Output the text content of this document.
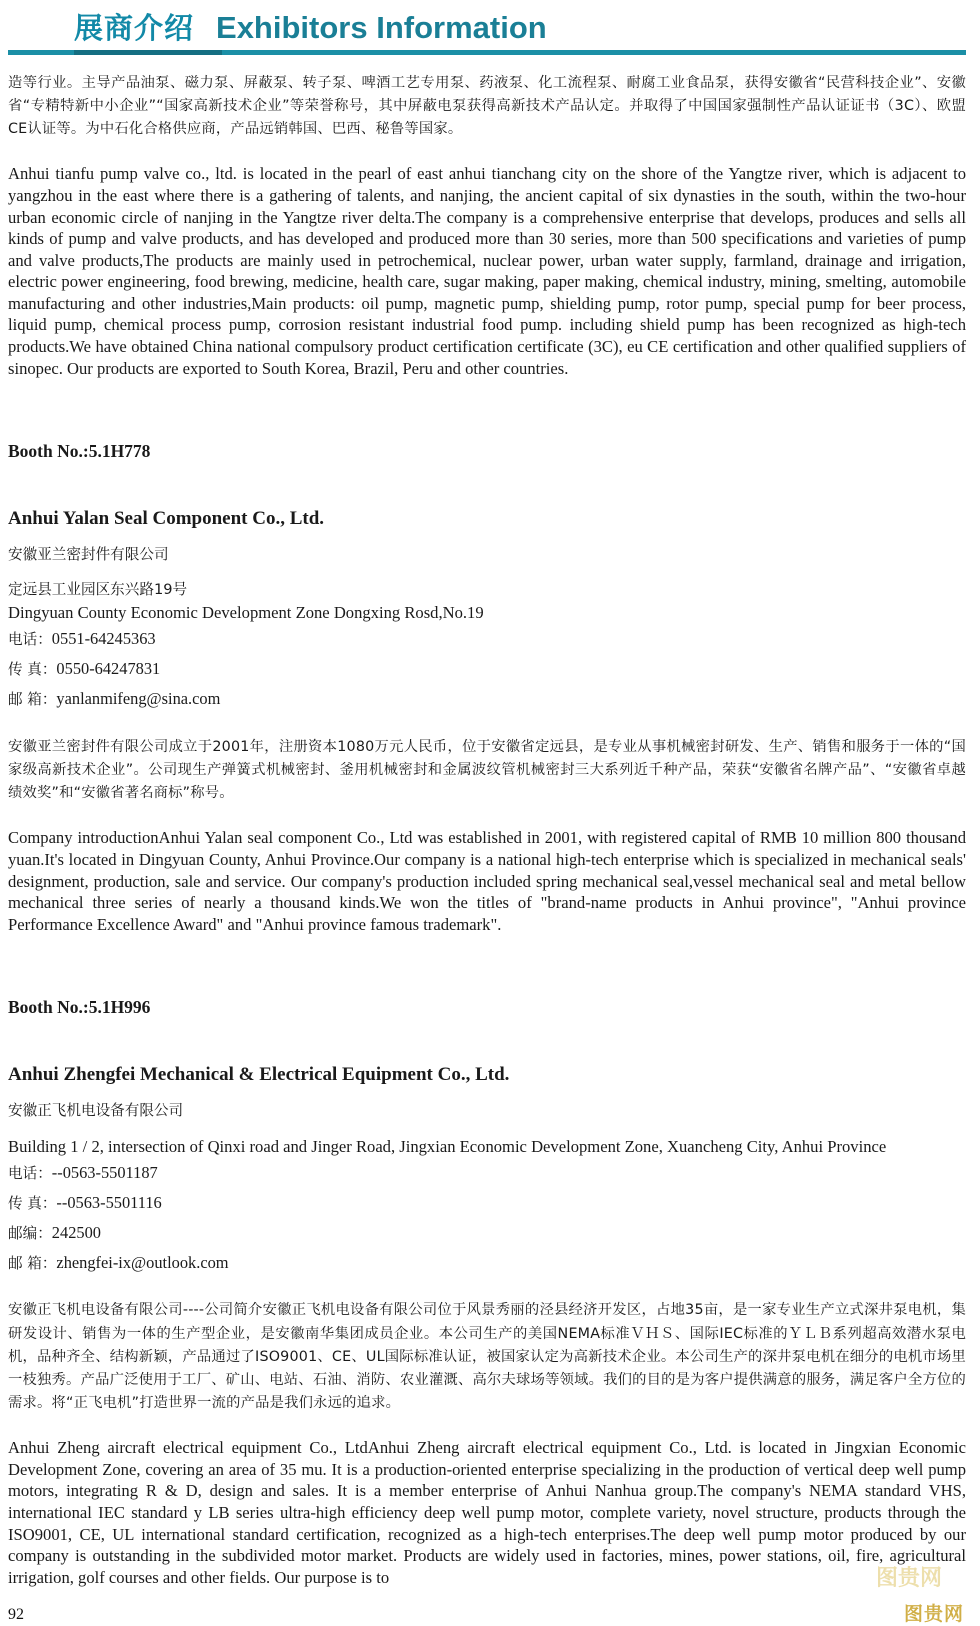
展商介绍 Exhibitors Information

造等行业。主导产品油泵、磁力泵、屏蔽泵、转子泵、啤酒工艺专用泵、药液泵、化工流程泵、耐腐工业食品泵，获得安徽省“民营科技企业”、安徽省“专精特新中小企业”“国家高新技术企业”等荣誉称号，其中屏蔽电泵获得高新技术产品认定。并取得了中国国家强制性产品认证证书（3C）、欧盟CE认证等。为中石化合格供应商，产品远销韩国、巴西、秘鲁等国家。

Anhui tianfu pump valve co., ltd. is located in the pearl of east anhui tianchang city on the shore of the Yangtze river, which is adjacent to yangzhou in the east where there is a gathering of talents, and nanjing, the ancient capital of six dynasties in the south, within the two-hour urban economic circle of nanjing in the Yangtze river delta.The company is a comprehensive enterprise that develops, produces and sells all kinds of pump and valve products, and has developed and produced more than 30 series, more than 500 specifications and varieties of pump and valve products,The products are mainly used in petrochemical, nuclear power, urban water supply, farmland, drainage and irrigation, electric power engineering, food brewing, medicine, health care, sugar making, paper making, chemical industry, mining, smelting, automobile manufacturing and other industries,Main products: oil pump, magnetic pump, shielding pump, rotor pump, special pump for beer process, liquid pump, chemical process pump, corrosion resistant industrial food pump. including shield pump has been recognized as high-tech products.We have obtained China national compulsory product certification certificate (3C), eu CE certification and other qualified suppliers of sinopec. Our products are exported to South Korea, Brazil, Peru and other countries.

Booth No.:5.1H778

Anhui Yalan Seal Component Co., Ltd.

安徽亚兰密封件有限公司

定远县工业园区东兴路19号

Dingyuan County Economic Development Zone Dongxing Rosd,No.19

电话：0551-64245363

传 真：0550-64247831

邮 箱：yanlanmifeng@sina.com

安徽亚兰密封件有限公司成立于2001年，注册资本1080万元人民币，位于安徽省定远县，是专业从事机械密封研发、生产、销售和服务于一体的“国家级高新技术企业”。公司现生产弹簧式机械密封、釜用机械密封和金属波纹管机械密封三大系列近千种产品，荣获“安徽省名牌产品”、“安徽省卓越绩效奖”和“安徽省著名商标”称号。

Company introductionAnhui Yalan seal component Co., Ltd was established in 2001, with registered capital of RMB 10 million 800 thousand yuan.It's located in Dingyuan County, Anhui Province.Our company is a national high-tech enterprise which is specialized in mechanical seals' designment, production, sale and service. Our company's production included spring mechanical seal,vessel mechanical seal and metal bellow mechanical three series of nearly a thousand kinds.We won the titles of "brand-name products in Anhui province", "Anhui province Performance Excellence Award" and "Anhui province famous trademark".

Booth No.:5.1H996

Anhui Zhengfei Mechanical & Electrical Equipment Co., Ltd.

安徽正飞机电设备有限公司

Building 1 / 2, intersection of Qinxi road and Jinger Road, Jingxian Economic Development Zone, Xuancheng City, Anhui Province

电话：--0563-5501187

传 真：--0563-5501116

邮编：242500

邮 箱：zhengfei-ix@outlook.com

安徽正飞机电设备有限公司----公司简介安徽正飞机电设备有限公司位于风景秀丽的泾县经济开发区，占地35亩，是一家专业生产立式深井泵电机，集研发设计、销售为一体的生产型企业，是安徽南华集团成员企业。本公司生产的美国NEMA标准ＶＨＳ、国际IEC标准的ＹＬＢ系列超高效潜水泵电机，品种齐全、结构新颖，产品通过了ISO9001、CE、UL国际标准认证，被国家认定为高新技术企业。本公司生产的深井泵电机在细分的电机市场里一枝独秀。产品广泛使用于工厂、矿山、电站、石油、消防、农业灌溉、高尔夫球场等领域。我们的目的是为客户提供满意的服务，满足客户全方位的需求。将“正飞电机”打造世界一流的产品是我们永远的追求。

Anhui Zheng aircraft electrical equipment Co., LtdAnhui Zheng aircraft electrical equipment Co., Ltd. is located in Jingxian Economic Development Zone, covering an area of 35 mu. It is a production-oriented enterprise specializing in the production of vertical deep well pump motors, integrating R & D, design and sales. It is a member enterprise of Anhui Nanhua group.The company's NEMA standard VHS, international IEC standard y LB series ultra-high efficiency deep well pump motor, complete variety, novel structure, products through the ISO9001, CE, UL international standard certification, recognized as a high-tech enterprises.The deep well pump motor produced by our company is outstanding in the subdivided motor market. Products are widely used in factories, mines, power stations, oil, fire, agricultural irrigation, golf courses and other fields. Our purpose is to

92
图贵网
图贵网
